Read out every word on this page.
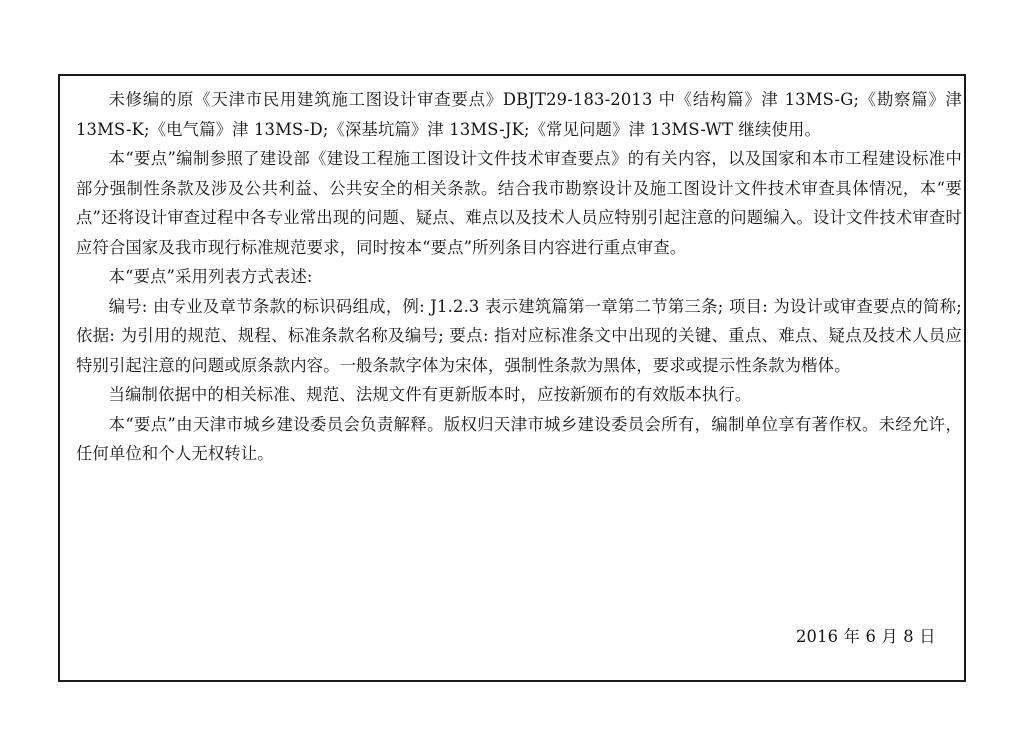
未修编的原《天津市民用建筑施工图设计审查要点》DBJT29-183-2013 中《结构篇》津 13MS-G;《勘察篇》津 13MS-K;《电气篇》津 13MS-D;《深基坑篇》津 13MS-JK;《常见问题》津 13MS-WT 继续使用。

本“要点”编制参照了建设部《建设工程施工图设计文件技术审查要点》的有关内容，以及国家和本市工程建设标准中部分强制性条款及涉及公共利益、公共安全的相关条款。结合我市勘察设计及施工图设计文件技术审查具体情况，本“要点”还将设计审查过程中各专业常出现的问题、疑点、难点以及技术人员应特别引起注意的问题编入。设计文件技术审查时应符合国家及我市现行标准规范要求，同时按本“要点”所列条目内容进行重点审查。

本“要点”采用列表方式表述:

编号: 由专业及章节条款的标识码组成，例: J1.2.3 表示建筑篇第一章第二节第三条; 项目: 为设计或审查要点的简称; 依据: 为引用的规范、规程、标准条款名称及编号; 要点: 指对应标准条文中出现的关键、重点、难点、疑点及技术人员应特别引起注意的问题或原条款内容。一般条款字体为宋体，强制性条款为黑体，要求或提示性条款为楷体。

当编制依据中的相关标准、规范、法规文件有更新版本时，应按新颁布的有效版本执行。

本“要点”由天津市城乡建设委员会负责解释。版权归天津市城乡建设委员会所有，编制单位享有著作权。未经允许，任何单位和个人无权转让。

2016 年 6 月 8 日
